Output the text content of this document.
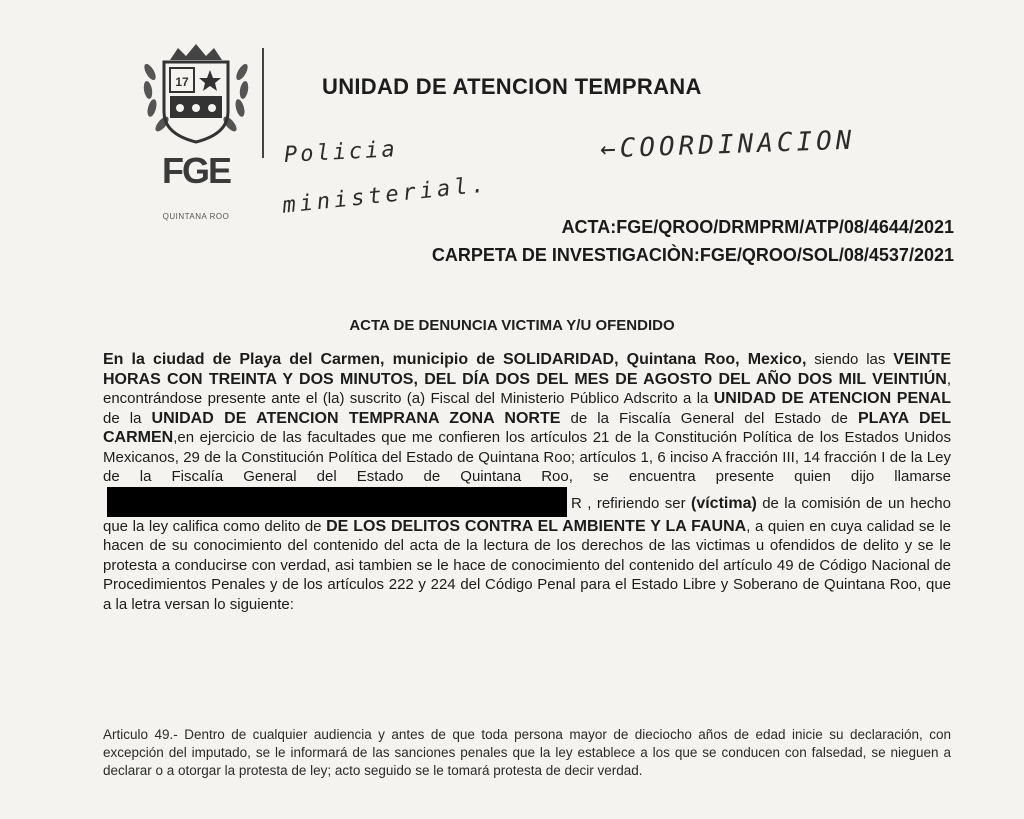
17
FGE
QUINTANA ROO
UNIDAD DE ATENCION TEMPRANA
Policia
ministerial.
←COORDINACION
ACTA:FGE/QROO/DRMPRM/ATP/08/4644/2021
CARPETA DE INVESTIGACIÒN:FGE/QROO/SOL/08/4537/2021
ACTA DE DENUNCIA VICTIMA Y/U OFENDIDO
En la ciudad de Playa del Carmen, municipio de SOLIDARIDAD, Quintana Roo, Mexico, siendo las VEINTE HORAS CON TREINTA Y DOS MINUTOS, DEL DÍA DOS DEL MES DE AGOSTO DEL AÑO DOS MIL VEINTIÚN, encontrándose presente ante el (la) suscrito (a) Fiscal del Ministerio Público Adscrito a la UNIDAD DE ATENCION PENAL de la UNIDAD DE ATENCION TEMPRANA ZONA NORTE de la Fiscalía General del Estado de PLAYA DEL CARMEN,en ejercicio de las facultades que me confieren los artículos 21 de la Constitución Política de los Estados Unidos Mexicanos, 29 de la Constitución Política del Estado de Quintana Roo; artículos 1, 6 inciso A fracción III, 14 fracción I de la Ley de la Fiscalía General del Estado de Quintana Roo, se encuentra presente quien dijo llamarseR , refiriendo ser (víctima) de la comisión de un hecho que la ley califica como delito de DE LOS DELITOS CONTRA EL AMBIENTE Y LA FAUNA, a quien en cuya calidad se le hacen de su conocimiento del contenido del acta de la lectura de los derechos de las victimas u ofendidos de delito y se le protesta a conducirse con verdad, asi tambien se le hace de conocimiento del contenido del artículo 49 de Código Nacional de Procedimientos Penales y de los artículos 222 y 224 del Código Penal para el Estado Libre y Soberano de Quintana Roo, que a la letra versan lo siguiente:
Articulo 49.- Dentro de cualquier audiencia y antes de que toda persona mayor de dieciocho años de edad inicie su declaración, con excepción del imputado, se le informará de las sanciones penales que la ley establece a los que se conducen con falsedad, se nieguen a declarar o a otorgar la protesta de ley; acto seguido se le tomará protesta de decir verdad.
